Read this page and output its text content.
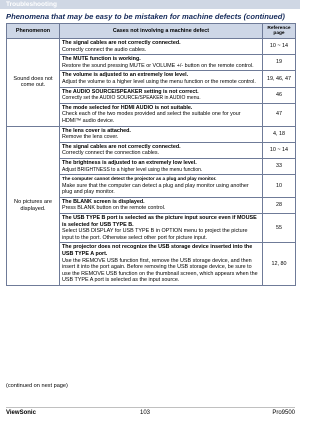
Troubleshooting
Phenomena that may be easy to be mistaken for machine defects (continued)
Phenomenon	Cases not involving a machine defect	Reference page
Sound does not come out.	The signal cables are not correctly connected.
Correctly connect the audio cables.	10 ~ 14

	The MUTE function is working.
Restore the sound pressing MUTE or VOLUME +/- button on the remote control.	19

	The volume is adjusted to an extremely low level.
Adjust the volume to a higher level using the menu function or the remote control.	19, 46, 47

	The AUDIO SOURCE/SPEAKER setting is not correct.
Correctly set the AUDIO SOURCE/SPEAKER in AUDIO menu.	46

	The mode selected for HDMI AUDIO is not suitable.
Check each of the two modes provided and select the suitable one for your HDMI™ audio device.	47
No pictures are displayed.	The lens cover is attached.
Remove the lens cover.	4, 18

	The signal cables are not correctly connected.
Correctly connect the connection cables.	10 ~ 14

	The brightness is adjusted to an extremely low level.
Adjust BRIGHTNESS to a higher level using the menu function.	33

	The computer cannot detect the projector as a plug and play monitor.
Make sure that the computer can detect a plug and play monitor using another plug and play monitor.	10

	The BLANK screen is displayed.
Press BLANK button on the remote control.	28

	The USB TYPE B port is selected as the picture input source even if MOUSE is selected for USB TYPE B.
Select USB DISPLAY for USB TYPE B in OPTION menu to project the picture input to the port. Otherwise select other port for picture input.	55

	The projector does not recognize the USB storage device inserted into the USB TYPE A port.
Use the REMOVE USB function first, remove the USB storage device, and then insert it into the port again. Before removing the USB storage device, be sure to use the REMOVE USB function on the thumbnail screen, which appears when the USB TYPE A port is selected as the input source.	12, 80
(continued on next page)
ViewSonic	103	Pro9500
